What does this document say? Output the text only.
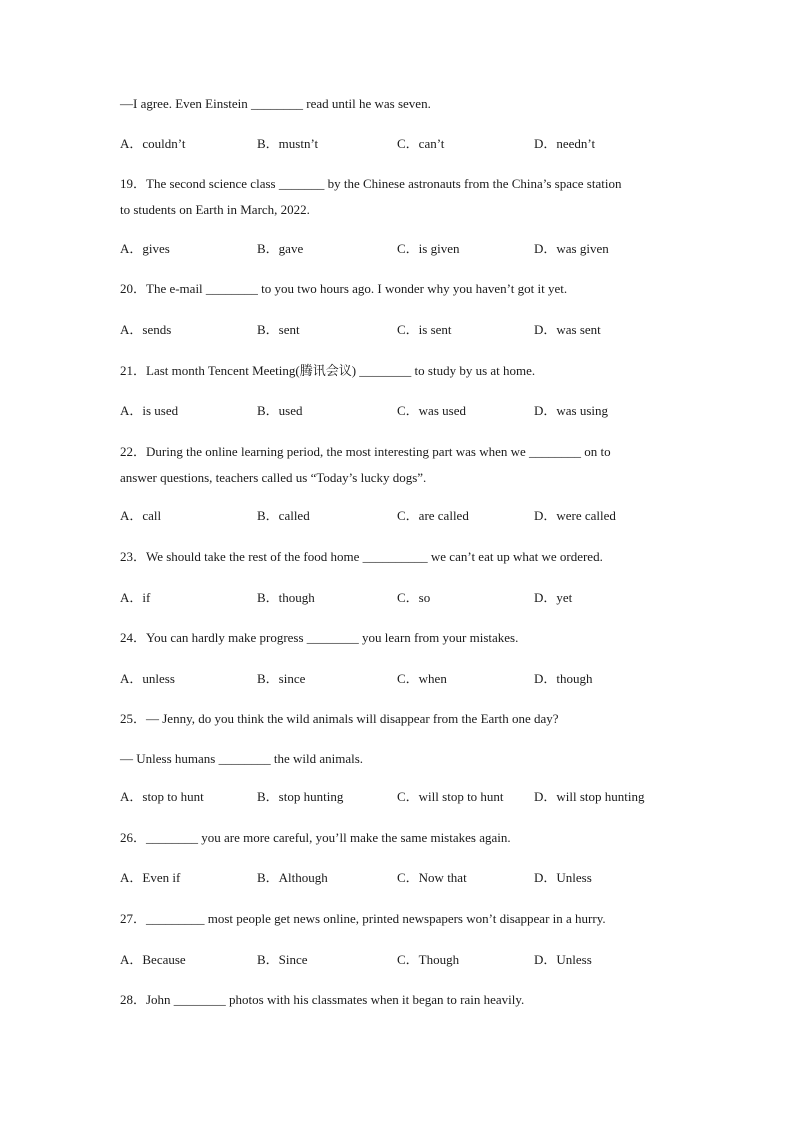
—I agree. Even Einstein ________ read until he was seven.
A．couldn’t	B．mustn’t	C．can’t	D．needn’t
19．The second science class _______ by the Chinese astronauts from the China’s space station
to students on Earth in March, 2022.
A．gives	B．gave	C．is given	D．was given
20．The e-mail ________ to you two hours ago. I wonder why you haven’t got it yet.
A．sends	B．sent	C．is sent	D．was sent
21．Last month Tencent Meeting(腾讯会议) ________ to study by us at home.
A．is used	B．used	C．was used	D．was using
22．During the online learning period, the most interesting part was when we ________ on to
answer questions, teachers called us “Today’s lucky dogs”.
A．call	B．called	C．are called	D．were called
23．We should take the rest of the food home __________ we can’t eat up what we ordered.
A．if	B．though	C．so	D．yet
24．You can hardly make progress ________ you learn from your mistakes.
A．unless	B．since	C．when	D．though
25．— Jenny, do you think the wild animals will disappear from the Earth one day?
— Unless humans ________ the wild animals.
A．stop to hunt	B．stop hunting	C．will stop to hunt D．will stop hunting
26．________ you are more careful, you’ll make the same mistakes again.
A．Even if	B．Although	C．Now that	D．Unless
27．_________ most people get news online, printed newspapers won’t disappear in a hurry.
A．Because	B．Since	C．Though	D．Unless
28．John ________ photos with his classmates when it began to rain heavily.
